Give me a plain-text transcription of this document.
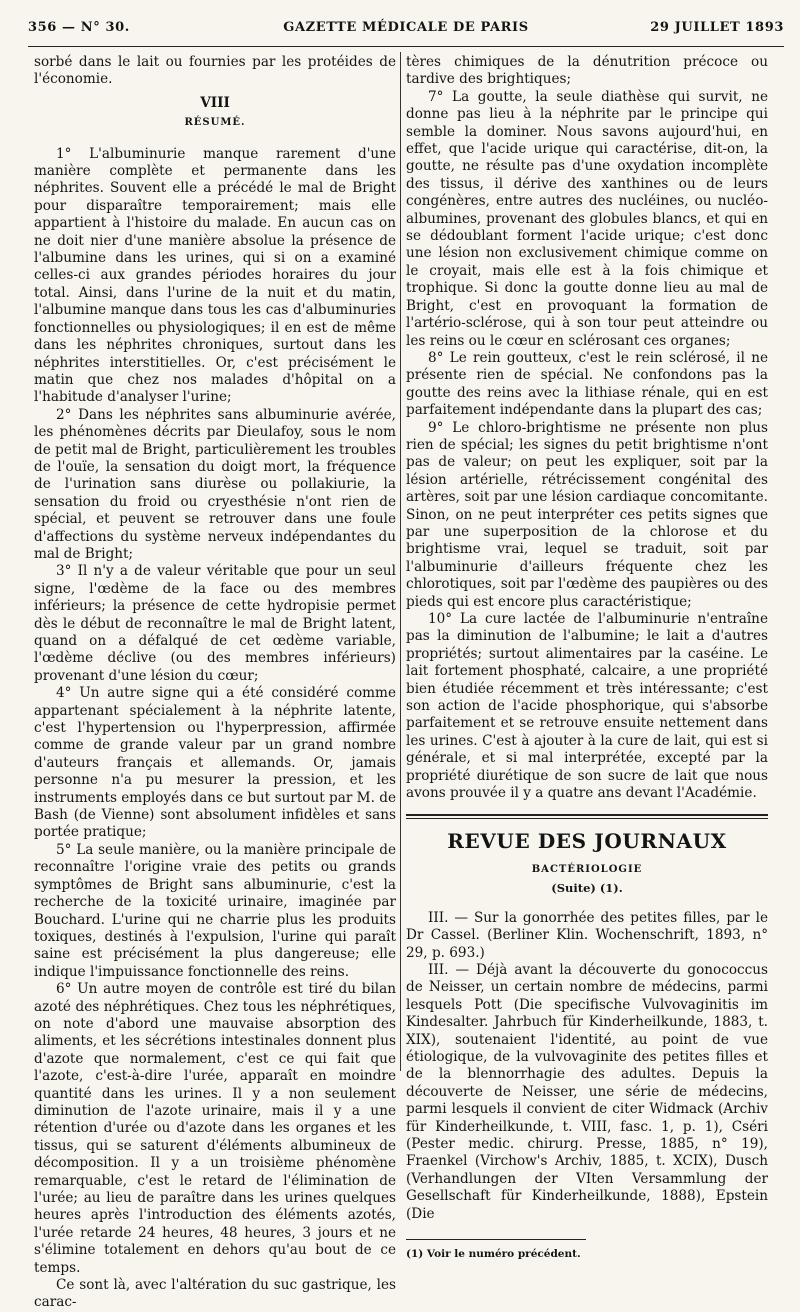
356 — N° 30.	GAZETTE MÉDICALE DE PARIS	29 JUILLET 1893

sorbé dans le lait ou fournies par les protéides de l'économie.

VIII
RÉSUMÉ.

1° L'albuminurie manque rarement d'une manière complète et permanente dans les néphrites. Souvent elle a précédé le mal de Bright pour disparaître temporairement; mais elle appartient à l'histoire du malade. En aucun cas on ne doit nier d'une manière absolue la présence de l'albumine dans les urines, qui si on a examiné celles-ci aux grandes périodes horaires du jour total. Ainsi, dans l'urine de la nuit et du matin, l'albumine manque dans tous les cas d'albuminuries fonctionnelles ou physiologiques; il en est de même dans les néphrites chroniques, surtout dans les néphrites interstitielles. Or, c'est précisément le matin que chez nos malades d'hôpital on a l'habitude d'analyser l'urine;

2° Dans les néphrites sans albuminurie avérée, les phénomènes décrits par Dieulafoy, sous le nom de petit mal de Bright, particulièrement les troubles de l'ouïe, la sensation du doigt mort, la fréquence de l'urination sans diurèse ou pollakiurie, la sensation du froid ou cryesthésie n'ont rien de spécial, et peuvent se retrouver dans une foule d'affections du système nerveux indépendantes du mal de Bright;

3° Il n'y a de valeur véritable que pour un seul signe, l'œdème de la face ou des membres inférieurs; la présence de cette hydropisie permet dès le début de reconnaître le mal de Bright latent, quand on a défalqué de cet œdème variable, l'œdème déclive (ou des membres inférieurs) provenant d'une lésion du cœur;

4° Un autre signe qui a été considéré comme appartenant spécialement à la néphrite latente, c'est l'hypertension ou l'hyperpression, affirmée comme de grande valeur par un grand nombre d'auteurs français et allemands. Or, jamais personne n'a pu mesurer la pression, et les instruments employés dans ce but surtout par M. de Bash (de Vienne) sont absolument infidèles et sans portée pratique;

5° La seule manière, ou la manière principale de reconnaître l'origine vraie des petits ou grands symptômes de Bright sans albuminurie, c'est la recherche de la toxicité urinaire, imaginée par Bouchard. L'urine qui ne charrie plus les produits toxiques, destinés à l'expulsion, l'urine qui paraît saine est précisément la plus dangereuse; elle indique l'impuissance fonctionnelle des reins.

6° Un autre moyen de contrôle est tiré du bilan azoté des néphrétiques. Chez tous les néphrétiques, on note d'abord une mauvaise absorption des aliments, et les sécrétions intestinales donnent plus d'azote que normalement, c'est ce qui fait que l'azote, c'est-à-dire l'urée, apparaît en moindre quantité dans les urines. Il y a non seulement diminution de l'azote urinaire, mais il y a une rétention d'urée ou d'azote dans les organes et les tissus, qui se saturent d'éléments albumineux de décomposition. Il y a un troisième phénomène remarquable, c'est le retard de l'élimination de l'urée; au lieu de paraître dans les urines quelques heures après l'introduction des éléments azotés, l'urée retarde 24 heures, 48 heures, 3 jours et ne s'élimine totalement en dehors qu'au bout de ce temps.

Ce sont là, avec l'altération du suc gastrique, les carac-

tères chimiques de la dénutrition précoce ou tardive des brightiques;

7° La goutte, la seule diathèse qui survit, ne donne pas lieu à la néphrite par le principe qui semble la dominer. Nous savons aujourd'hui, en effet, que l'acide urique qui caractérise, dit-on, la goutte, ne résulte pas d'une oxydation incomplète des tissus, il dérive des xanthines ou de leurs congénères, entre autres des nucléines, ou nucléo-albumines, provenant des globules blancs, et qui en se dédoublant forment l'acide urique; c'est donc une lésion non exclusivement chimique comme on le croyait, mais elle est à la fois chimique et trophique. Si donc la goutte donne lieu au mal de Bright, c'est en provoquant la formation de l'artério-sclérose, qui à son tour peut atteindre ou les reins ou le cœur en sclérosant ces organes;

8° Le rein goutteux, c'est le rein sclérosé, il ne présente rien de spécial. Ne confondons pas la goutte des reins avec la lithiase rénale, qui en est parfaitement indépendante dans la plupart des cas;

9° Le chloro-brightisme ne présente non plus rien de spécial; les signes du petit brightisme n'ont pas de valeur; on peut les expliquer, soit par la lésion artérielle, rétrécissement congénital des artères, soit par une lésion cardiaque concomitante. Sinon, on ne peut interpréter ces petits signes que par une superposition de la chlorose et du brightisme vrai, lequel se traduit, soit par l'albuminurie d'ailleurs fréquente chez les chlorotiques, soit par l'œdème des paupières ou des pieds qui est encore plus caractéristique;

10° La cure lactée de l'albuminurie n'entraîne pas la diminution de l'albumine; le lait a d'autres propriétés; surtout alimentaires par la caséine. Le lait fortement phosphaté, calcaire, a une propriété bien étudiée récemment et très intéressante; c'est son action de l'acide phosphorique, qui s'absorbe parfaitement et se retrouve ensuite nettement dans les urines. C'est à ajouter à la cure de lait, qui est si générale, et si mal interprétée, excepté par la propriété diurétique de son sucre de lait que nous avons prouvée il y a quatre ans devant l'Académie.

REVUE DES JOURNAUX
BACTÉRIOLOGIE
(Suite) (1).

III. — Sur la gonorrhée des petites filles, par le Dr Cassel. (Berliner Klin. Wochenschrift, 1893, n° 29, p. 693.)

III. — Déjà avant la découverte du gonococcus de Neisser, un certain nombre de médecins, parmi lesquels Pott (Die specifische Vulvovaginitis im Kindesalter. Jahrbuch für Kinderheilkunde, 1883, t. XIX), soutenaient l'identité, au point de vue étiologique, de la vulvovaginite des petites filles et de la blennorrhagie des adultes. Depuis la découverte de Neisser, une série de médecins, parmi lesquels il convient de citer Widmack (Archiv für Kinderheilkunde, t. VIII, fasc. 1, p. 1), Cséri (Pester medic. chirurg. Presse, 1885, n° 19), Fraenkel (Virchow's Archiv, 1885, t. XCIX), Dusch (Verhandlungen der VIten Versammlung der Gesellschaft für Kinderheilkunde, 1888), Epstein (Die

(1) Voir le numéro précédent.
